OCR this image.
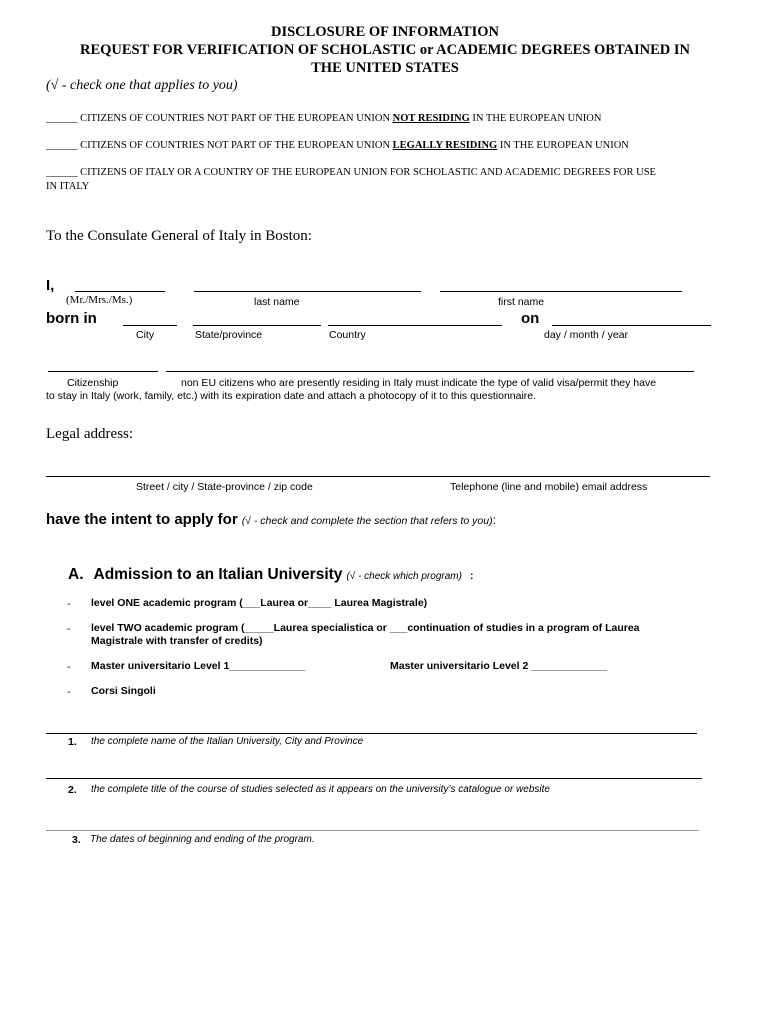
DISCLOSURE OF INFORMATION
REQUEST FOR VERIFICATION OF SCHOLASTIC or ACADEMIC DEGREES OBTAINED IN
THE UNITED STATES
(√ - check one that applies to you)
______ CITIZENS OF COUNTRIES NOT PART OF THE EUROPEAN UNION NOT RESIDING IN THE EUROPEAN UNION
______ CITIZENS OF COUNTRIES NOT PART OF THE EUROPEAN UNION LEGALLY RESIDING IN THE EUROPEAN UNION
______ CITIZENS OF ITALY OR A COUNTRY OF THE EUROPEAN UNION FOR SCHOLASTIC AND ACADEMIC DEGREES FOR USE
IN ITALY
To the Consulate General of Italy in Boston:
I,
(Mr./Mrs./Ms.)	last name	first name
born in	on
City	State/province	Country	day / month / year
Citizenship	non EU citizens who are presently residing in Italy must indicate the type of valid visa/permit they have
to stay in Italy (work, family, etc.) with its expiration date and attach a photocopy of it to this questionnaire.
Legal address:
Street / city / State-province / zip code	Telephone (line and mobile) email address
have the intent to apply for (√ - check and complete the section that refers to you):
A. Admission to an Italian University (√ - check which program) :
- level ONE academic program (___Laurea or____ Laurea Magistrale)
- level TWO academic program (_____Laurea specialistica or ___continuation of studies in a program of Laurea
Magistrale with transfer of credits)
- Master universitario Level 1_____________	Master universitario Level 2 _____________
- Corsi Singoli
1. the complete name of the Italian University, City and Province
2. the complete title of the course of studies selected as it appears on the university’s catalogue or website
3. The dates of beginning and ending of the program.
